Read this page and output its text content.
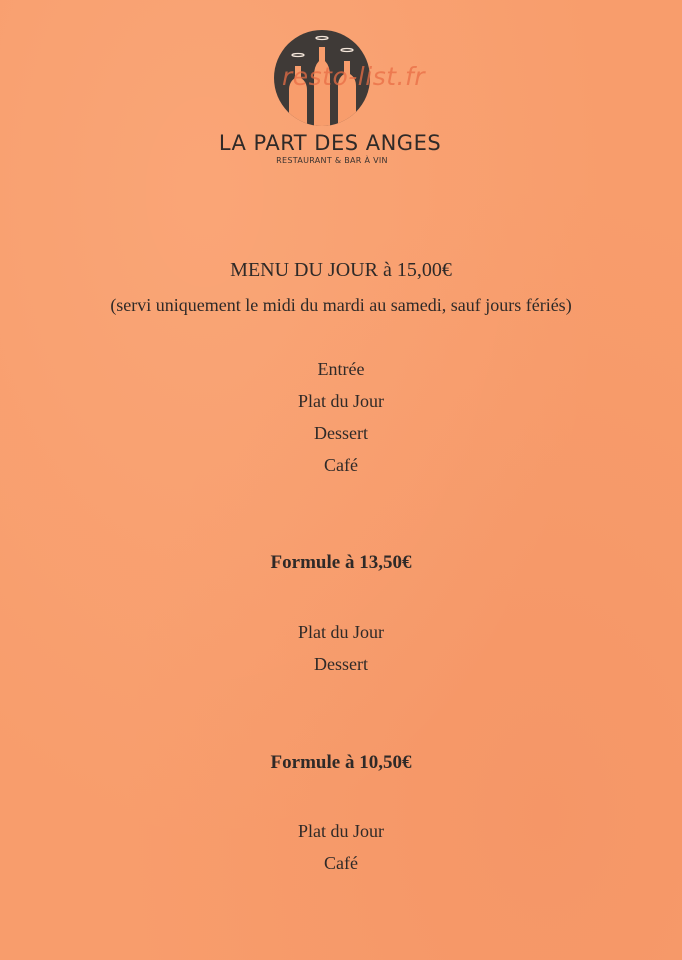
resto-list.fr
LA PART DES ANGES
RESTAURANT & BAR À VIN
MENU DU JOUR à 15,00€
(servi uniquement le midi du mardi au samedi, sauf jours fériés)
Entrée
Plat du Jour
Dessert
Café
Formule à 13,50€
Plat du Jour
Dessert
Formule à 10,50€
Plat du Jour
Café
